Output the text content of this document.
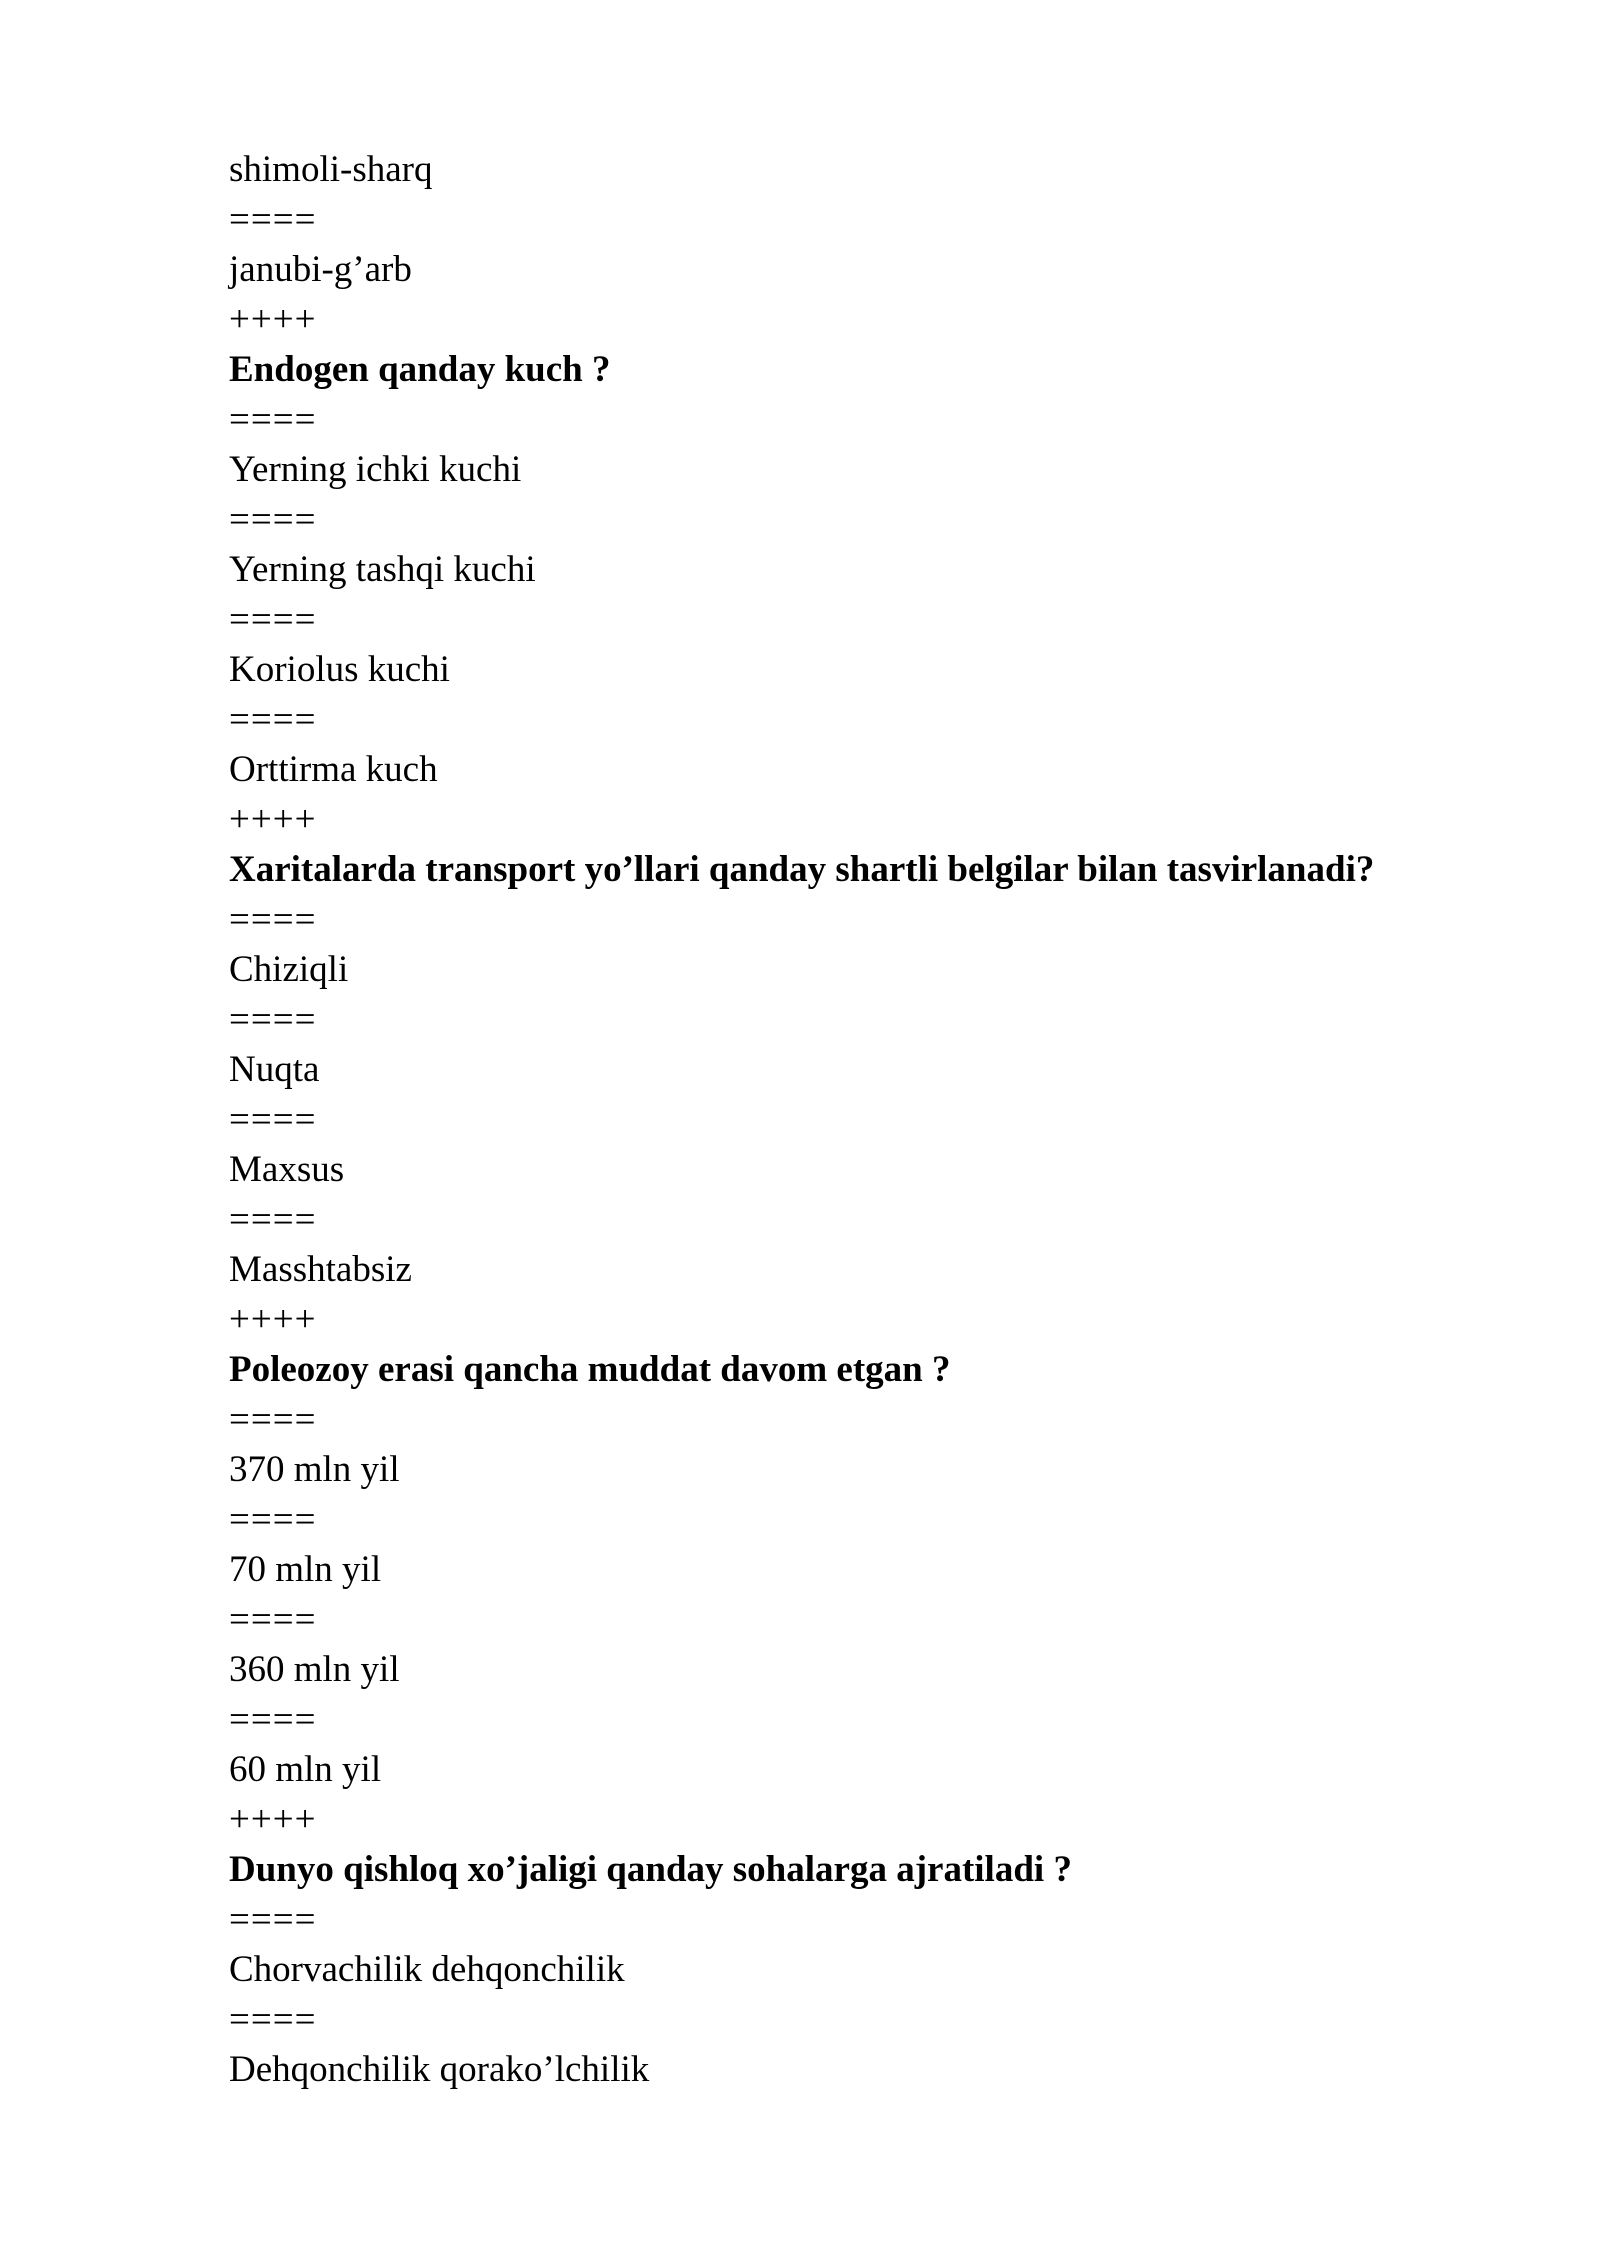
shimoli-sharq
====
janubi-g’arb
++++
Endogen qanday kuch ?
====
Yerning ichki kuchi
====
Yerning tashqi kuchi
====
Koriolus kuchi
====
Orttirma kuch
++++
Xaritalarda transport yo’llari qanday shartli belgilar bilan tasvirlanadi?
====
Chiziqli
====
Nuqta
====
Maxsus
====
Masshtabsiz
++++
Poleozoy erasi qancha muddat davom etgan ?
====
370 mln yil
====
70 mln yil
====
360 mln yil
====
60 mln yil
++++
Dunyo qishloq xo’jaligi qanday sohalarga ajratiladi ?
====
Chorvachilik dehqonchilik
====
Dehqonchilik qorako’lchilik
